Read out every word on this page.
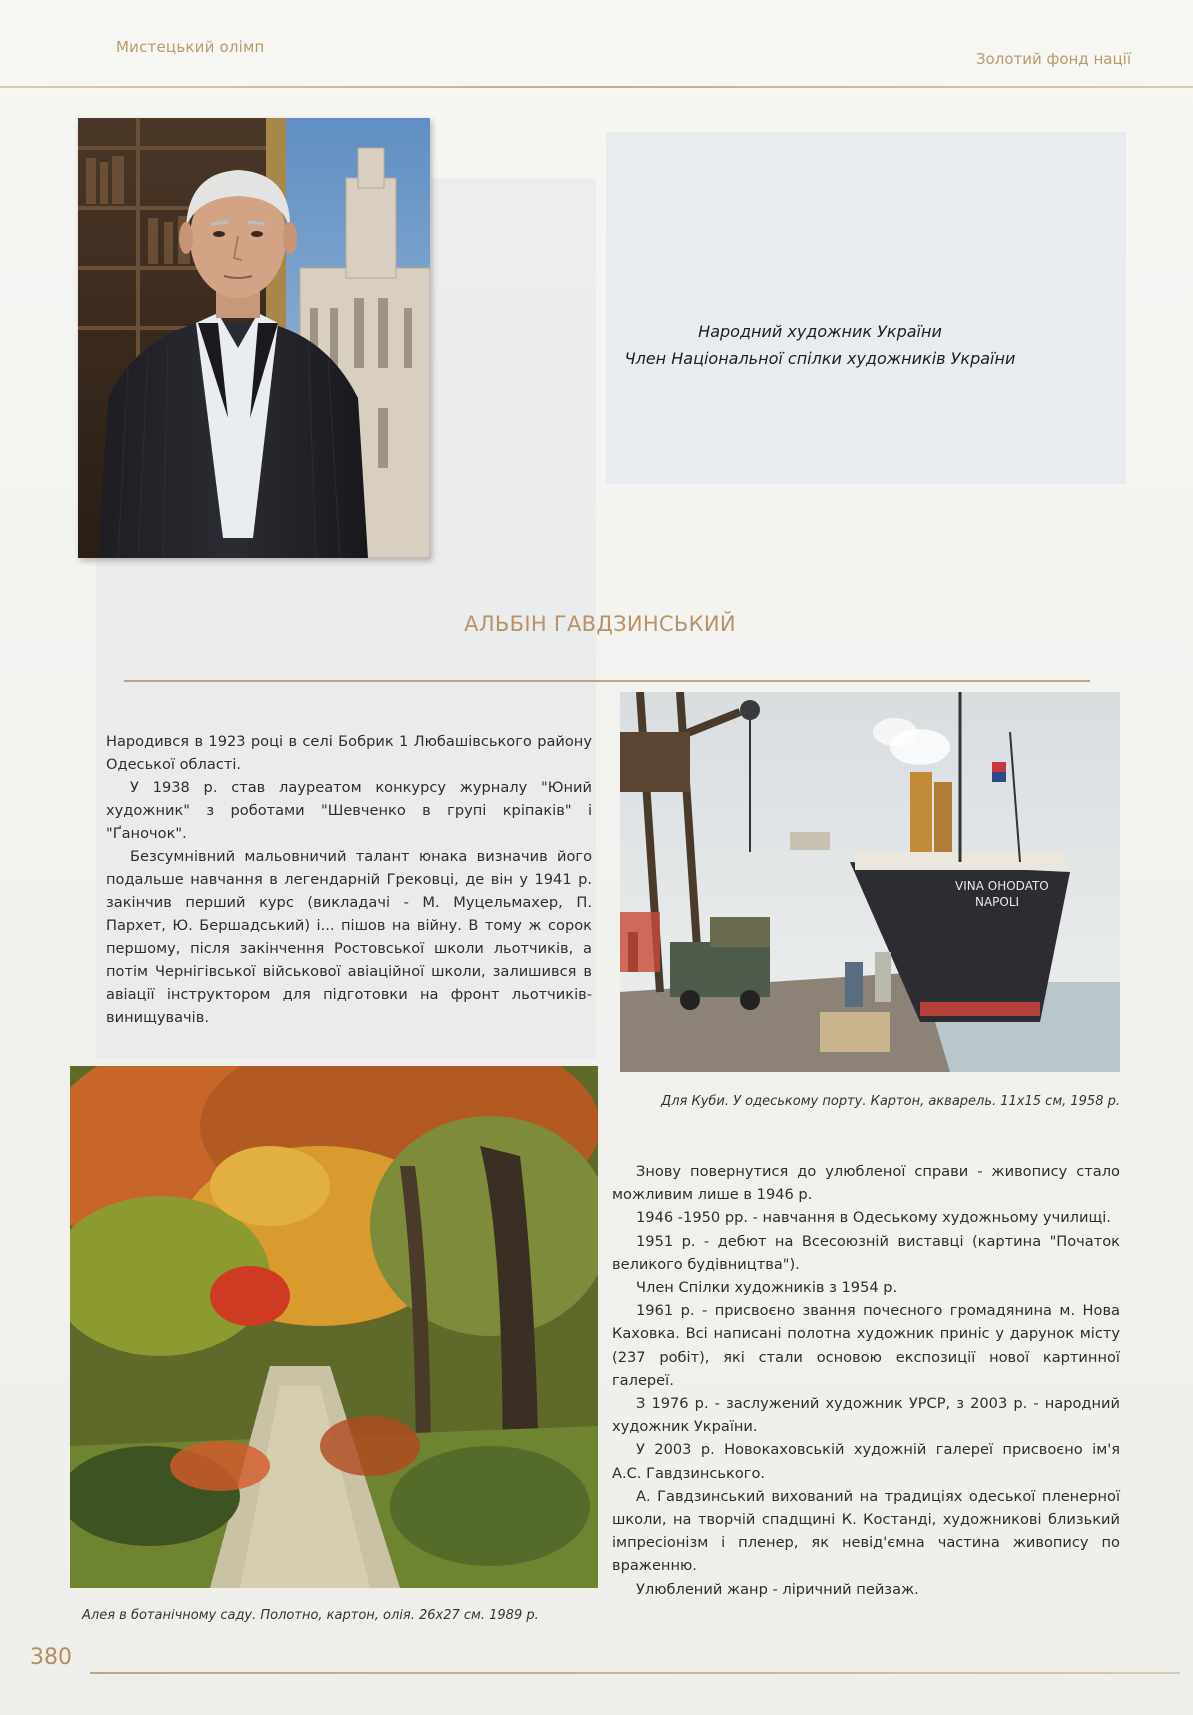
Мистецький олімп
Золотий фонд нації
Народний художник України
Член Національної спілки художників України
АЛЬБІН ГАВДЗИНСЬКИЙ

Народився в 1923 році в селі Бобрик 1 Любашівського району Одеської області.

У 1938 р. став лауреатом конкурсу журналу "Юний художник" з роботами "Шевченко в групі кріпаків" і "Ґаночок".

Безсумнівний мальовничий талант юнака визначив його подальше навчання в легендарній Грековці, де він у 1941 р. закінчив перший курс (викладачі - М. Муцельмахер, П. Пархет, Ю. Бершадський) і... пішов на війну. В тому ж сорок першому, після закінчення Ростовської школи льотчиків, а потім Чернігівської військової авіаційної школи, залишився в авіації інструктором для підготовки на фронт льотчиків-винищувачів.

VINA OHODATO
NAPOLI
Для Куби. У одеському порту. Картон, акварель. 11x15 см, 1958 р.
Алея в ботанічному саду. Полотно, картон, олія. 26x27 см. 1989 р.

Знову повернутися до улюбленої справи - живопису стало можливим лише в 1946 р.

1946 -1950 рр. - навчання в Одеському художньому училищі.

1951 р. - дебют на Всесоюзній виставці (картина "Початок великого будівництва").

Член Спілки художників з 1954 р.

1961 р. - присвоєно звання почесного громадянина м. Нова Каховка. Всі написані полотна художник приніс у дарунок місту (237 робіт), які стали основою експозиції нової картинної галереї.

З 1976 р. - заслужений художник УРСР, з 2003 р. - народний художник України.

У 2003 р. Новокаховській художній галереї присвоєно ім'я А.С. Гавдзинського.

А. Гавдзинський вихований на традиціях одеської пленерної школи, на творчій спадщині К. Костанді, художникові близький імпресіонізм і пленер, як невід'ємна частина живопису по враженню.

Улюблений жанр - ліричний пейзаж.

380
